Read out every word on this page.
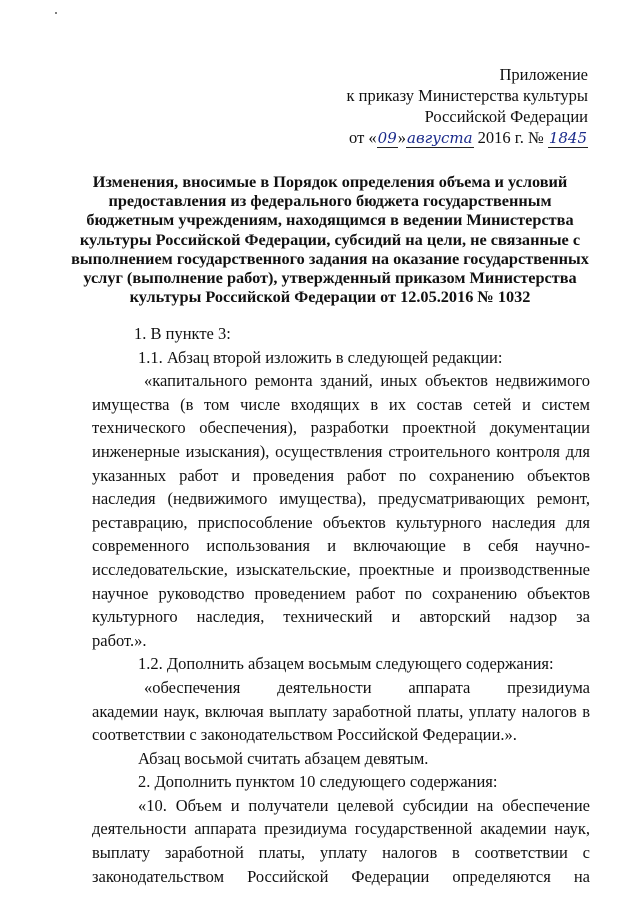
Приложение
к приказу Министерства культуры
Российской Федерации
от «09»августа 2016 г. № 1845
Изменения, вносимые в Порядок определения объема и условий
предоставления из федерального бюджета государственным
бюджетным учреждениям, находящимся в ведении Министерства
культуры Российской Федерации, субсидий на цели, не связанные с
выполнением государственного задания на оказание государственных
услуг (выполнение работ), утвержденный приказом Министерства
культуры Российской Федерации от 12.05.2016 № 1032
1. В пункте 3:
1.1. Абзац второй изложить в следующей редакции:
«капитального ремонта зданий, иных объектов недвижимого
имущества (в том числе входящих в их состав сетей и систем
технического обеспечения), разработки проектной документации
инженерные изыскания), осуществления строительного контроля для
указанных работ и проведения работ по сохранению объектов
наследия (недвижимого имущества), предусматривающих ремонт,
реставрацию, приспособление объектов культурного наследия для
современного использования и включающие в себя научно-
исследовательские, изыскательские, проектные и производственные
научное руководство проведением работ по сохранению объектов
культурного наследия, технический и авторский надзор за
работ.».
1.2. Дополнить абзацем восьмым следующего содержания:
«обеспечения деятельности аппарата президиума
академии наук, включая выплату заработной платы, уплату налогов в
соответствии с законодательством Российской Федерации.».
Абзац восьмой считать абзацем девятым.
2. Дополнить пунктом 10 следующего содержания:
«10. Объем и получатели целевой субсидии на обеспечение
деятельности аппарата президиума государственной академии наук,
выплату заработной платы, уплату налогов в соответствии с
законодательством Российской Федерации определяются на
